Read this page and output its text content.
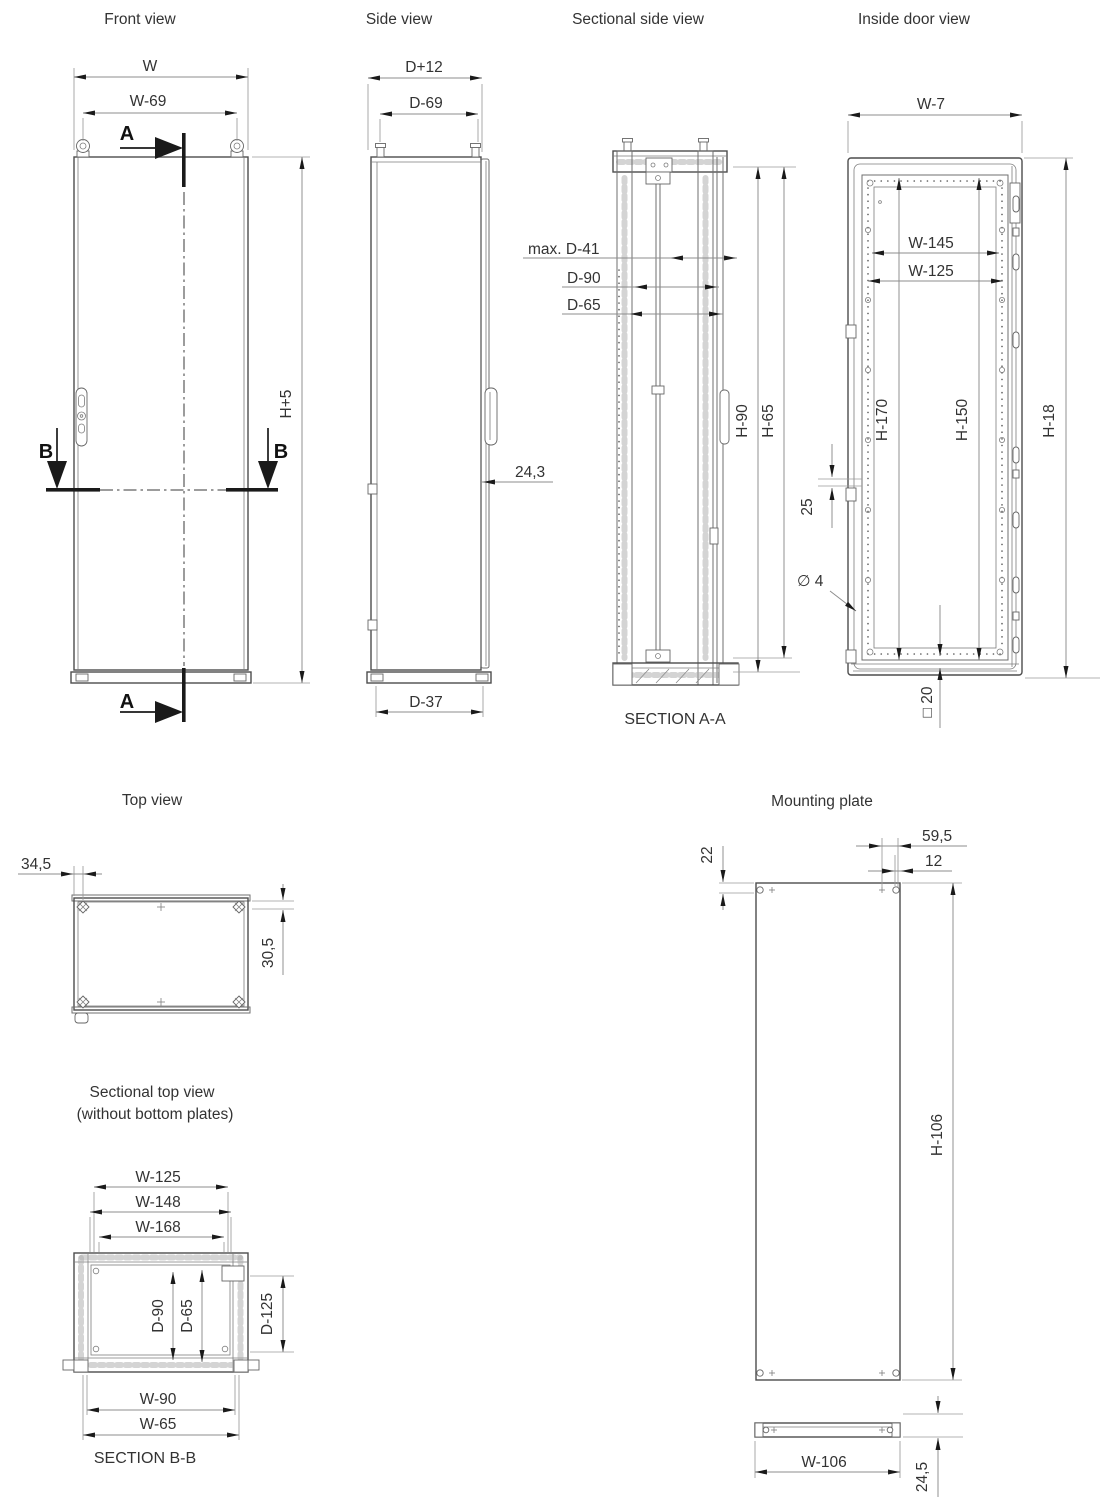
Front view
A
A
B	B
W
W-69
H+5
Side view
D+12
D-69
24,3
D-37
Sectional side view
max. D-41
D-90
D-65
H-90 H-65
SECTION A-A
Inside door view
W-7
W-145
W-125
H-170	H-150	H-18
25
∅ 4
□ 20
Top view
34,5
30,5
Mounting plate
22
59,5
12
H-106
W-106	24,5
Sectional top view
(without bottom plates)
W-125
W-148
W-168
D-90 D-65	D-125
W-90
W-65
SECTION B-B
